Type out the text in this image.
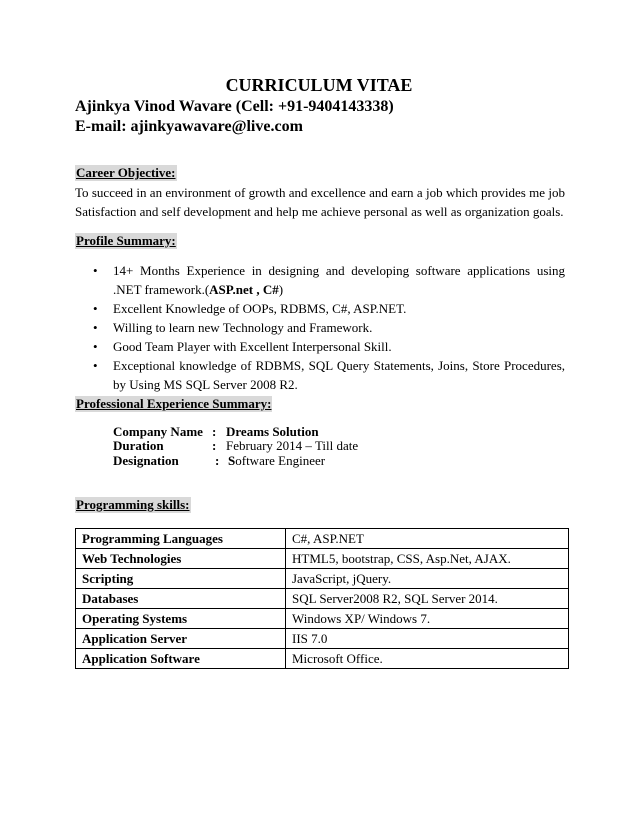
CURRICULUM VITAE
Ajinkya Vinod Wavare (Cell: +91-9404143338)
E-mail: ajinkyawavare@live.com
Career Objective:
To succeed in an environment of growth and excellence and earn a job which provides me job Satisfaction and self development and help me achieve personal as well as organization goals.
Profile Summary:
• 14+ Months Experience in designing and developing software applications using .NET framework.(ASP.net , C#)
• Excellent Knowledge of OOPs, RDBMS, C#, ASP.NET.
• Willing to learn new Technology and Framework.
• Good Team Player with Excellent Interpersonal Skill.
• Exceptional knowledge of RDBMS, SQL Query Statements, Joins, Store Procedures, by Using MS SQL Server 2008 R2.
Professional Experience Summary:
Company Name : Dreams Solution
Duration	: February 2014 – Till date
Designation	: Software Engineer
Programming skills:
Programming Languages	C#, ASP.NET
Web Technologies	HTML5, bootstrap, CSS, Asp.Net, AJAX.
Scripting	JavaScript, jQuery.
Databases	SQL Server2008 R2, SQL Server 2014.
Operating Systems	Windows XP/ Windows 7.
Application Server	IIS 7.0
Application Software	Microsoft Office.
